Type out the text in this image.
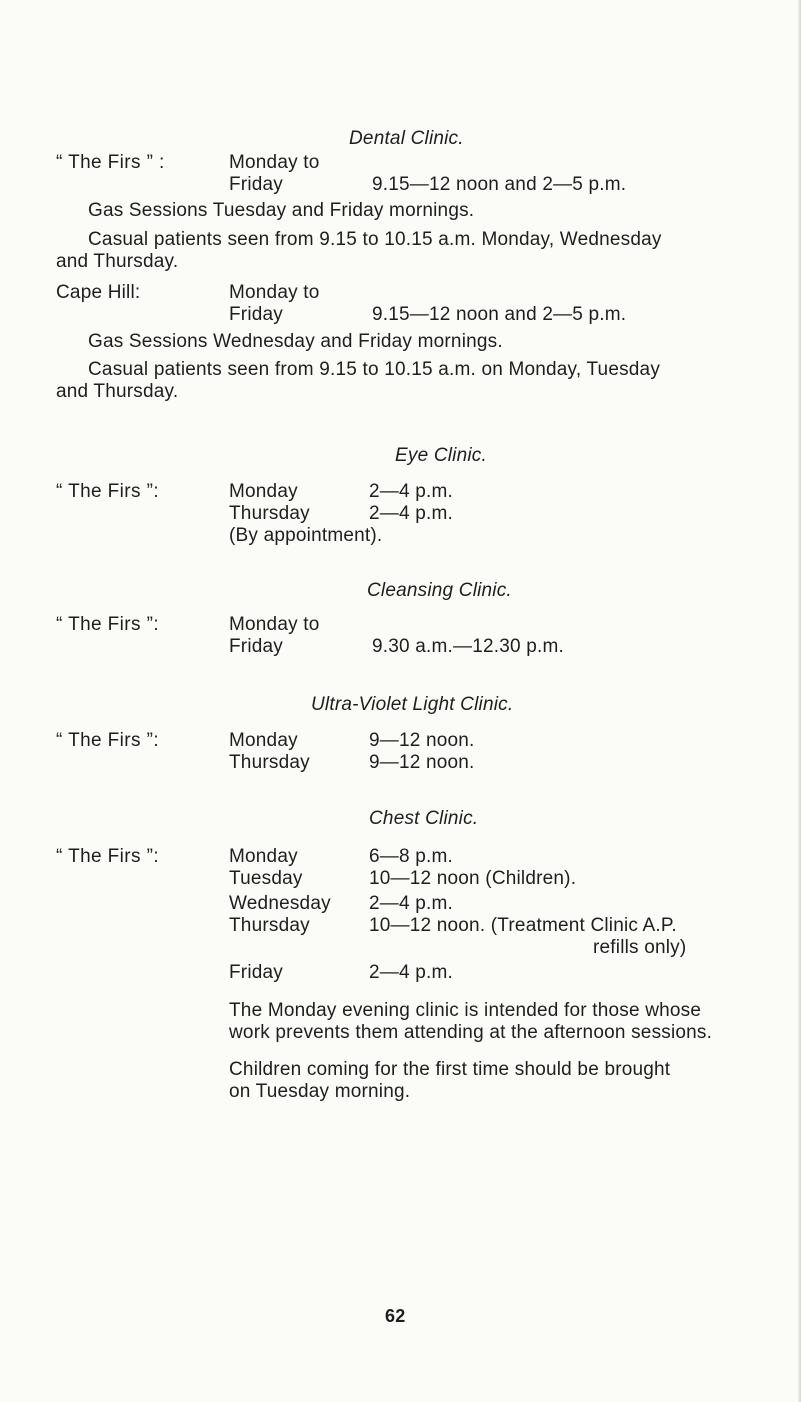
Dental Clinic.
“ The Firs ” :	Monday to
Friday	9.15—12 noon and 2—5 p.m.
Gas Sessions Tuesday and Friday mornings.
Casual patients seen from 9.15 to 10.15 a.m. Monday, Wednesday
and Thursday.
Cape Hill:	Monday to
Friday	9.15—12 noon and 2—5 p.m.
Gas Sessions Wednesday and Friday mornings.
Casual patients seen from 9.15 to 10.15 a.m. on Monday, Tuesday
and Thursday.
Eye Clinic.
“ The Firs ”:	Monday	2—4 p.m.
Thursday	2—4 p.m.
(By appointment).
Cleansing Clinic.
“ The Firs ”:	Monday to
Friday	9.30 a.m.—12.30 p.m.
Ultra-Violet Light Clinic.
“ The Firs ”:	Monday	9—12 noon.
Thursday	9—12 noon.
Chest Clinic.
“ The Firs ”:	Monday	6—8 p.m.
Tuesday	10—12 noon (Children).
Wednesday 2—4 p.m.
Thursday	10—12 noon. (Treatment Clinic A.P.
refills only)
Friday	2—4 p.m.
The Monday evening clinic is intended for those whose
work prevents them attending at the afternoon sessions.
Children coming for the first time should be brought
on Tuesday morning.
62
